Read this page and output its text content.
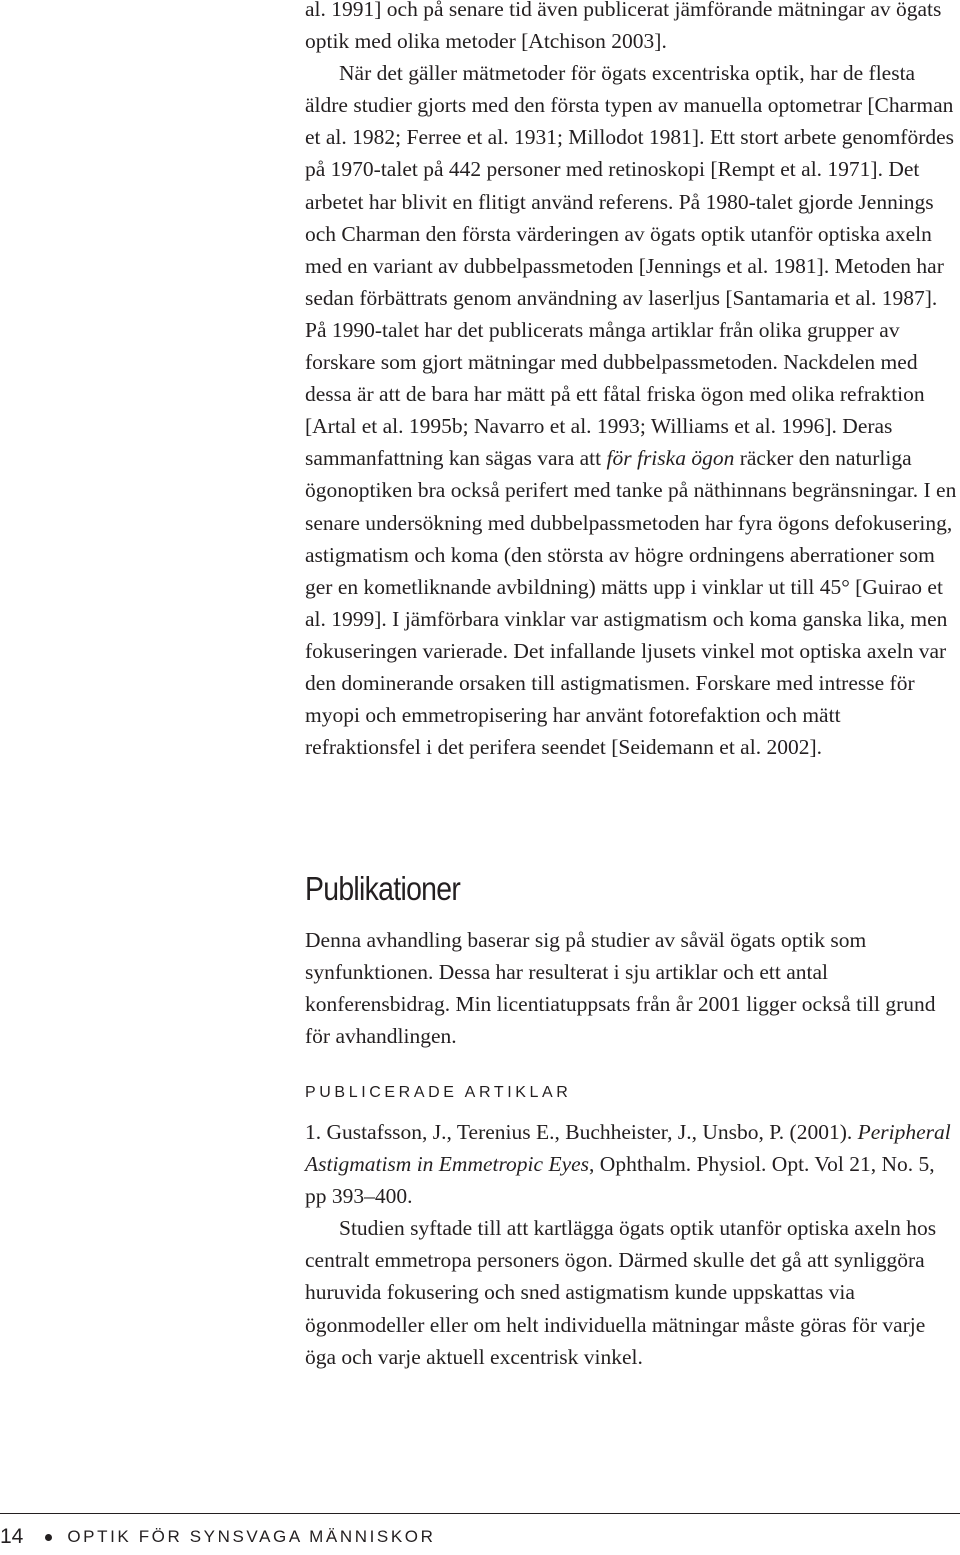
al. 1991] och på senare tid även publicerat jämförande mätningar av ögats optik med olika metoder [Atchison 2003].

När det gäller mätmetoder för ögats excentriska optik, har de flesta äldre studier gjorts med den första typen av manuella optometrar [Charman et al. 1982; Ferree et al. 1931; Millodot 1981]. Ett stort arbete genomfördes på 1970-talet på 442 personer med retinoskopi [Rempt et al. 1971]. Det arbetet har blivit en flitigt använd referens. På 1980-talet gjorde Jennings och Charman den första värderingen av ögats optik utanför optiska axeln med en variant av dubbelpassmetoden [Jennings et al. 1981]. Metoden har sedan förbättrats genom användning av laserljus [Santamaria et al. 1987]. På 1990-talet har det publicerats många artiklar från olika grupper av forskare som gjort mätningar med dubbelpassmetoden. Nackdelen med dessa är att de bara har mätt på ett fåtal friska ögon med olika refraktion [Artal et al. 1995b; Navarro et al. 1993; Williams et al. 1996]. Deras sammanfattning kan sägas vara att för friska ögon räcker den naturliga ögonoptiken bra också perifert med tanke på näthinnans begränsningar. I en senare undersökning med dubbelpassmetoden har fyra ögons defokusering, astigmatism och koma (den största av högre ordningens aberrationer som ger en kometliknande avbildning) mätts upp i vinklar ut till 45° [Guirao et al. 1999]. I jämförbara vinklar var astigmatism och koma ganska lika, men fokuseringen varierade. Det infallande ljusets vinkel mot optiska axeln var den dominerande orsaken till astigmatismen. Forskare med intresse för myopi och emmetropisering har använt fotorefaktion och mätt refraktionsfel i det perifera seendet [Seidemann et al. 2002].

Publikationer

Denna avhandling baserar sig på studier av såväl ögats optik som synfunktionen. Dessa har resulterat i sju artiklar och ett antal konferensbidrag. Min licentiatuppsats från år 2001 ligger också till grund för avhandlingen.

PUBLICERADE ARTIKLAR

1. Gustafsson, J., Terenius E., Buchheister, J., Unsbo, P. (2001). Peripheral Astigmatism in Emmetropic Eyes, Ophthalm. Physiol. Opt. Vol 21, No. 5, pp 393–400.

Studien syftade till att kartlägga ögats optik utanför optiska axeln hos centralt emmetropa personers ögon. Därmed skulle det gå att synliggöra huruvida fokusering och sned astigmatism kunde uppskattas via ögonmodeller eller om helt individuella mätningar måste göras för varje öga och varje aktuell excentrisk vinkel.

14	OPTIK FÖR SYNSVAGA MÄNNISKOR
